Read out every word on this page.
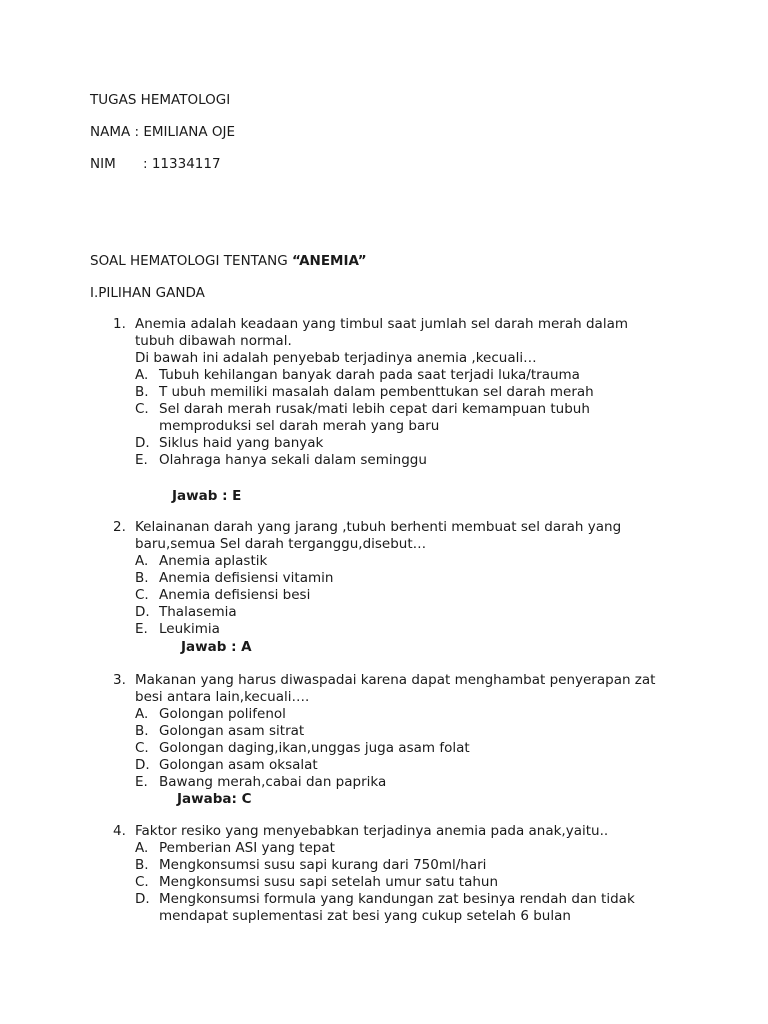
TUGAS HEMATOLOGI
NAMA : EMILIANA OJE
NIM : 11334117
SOAL HEMATOLOGI TENTANG “ANEMIA”
I.PILIHAN GANDA
1. Anemia adalah keadaan yang timbul saat jumlah sel darah merah dalam
tubuh dibawah normal.
Di bawah ini adalah penyebab terjadinya anemia ,kecuali…
A. Tubuh kehilangan banyak darah pada saat terjadi luka/trauma
B. T ubuh memiliki masalah dalam pembenttukan sel darah merah
C. Sel darah merah rusak/mati lebih cepat dari kemampuan tubuh
memproduksi sel darah merah yang baru
D. Siklus haid yang banyak
E. Olahraga hanya sekali dalam seminggu
Jawab : E
2. Kelainanan darah yang jarang ,tubuh berhenti membuat sel darah yang
baru,semua Sel darah terganggu,disebut…
A. Anemia aplastik
B. Anemia defisiensi vitamin
C. Anemia defisiensi besi
D. Thalasemia
E. Leukimia
Jawab : A
3. Makanan yang harus diwaspadai karena dapat menghambat penyerapan zat
besi antara lain,kecuali….
A. Golongan polifenol
B. Golongan asam sitrat
C. Golongan daging,ikan,unggas juga asam folat
D. Golongan asam oksalat
E. Bawang merah,cabai dan paprika
Jawaba: C
4. Faktor resiko yang menyebabkan terjadinya anemia pada anak,yaitu..
A. Pemberian ASI yang tepat
B. Mengkonsumsi susu sapi kurang dari 750ml/hari
C. Mengkonsumsi susu sapi setelah umur satu tahun
D. Mengkonsumsi formula yang kandungan zat besinya rendah dan tidak
mendapat suplementasi zat besi yang cukup setelah 6 bulan
